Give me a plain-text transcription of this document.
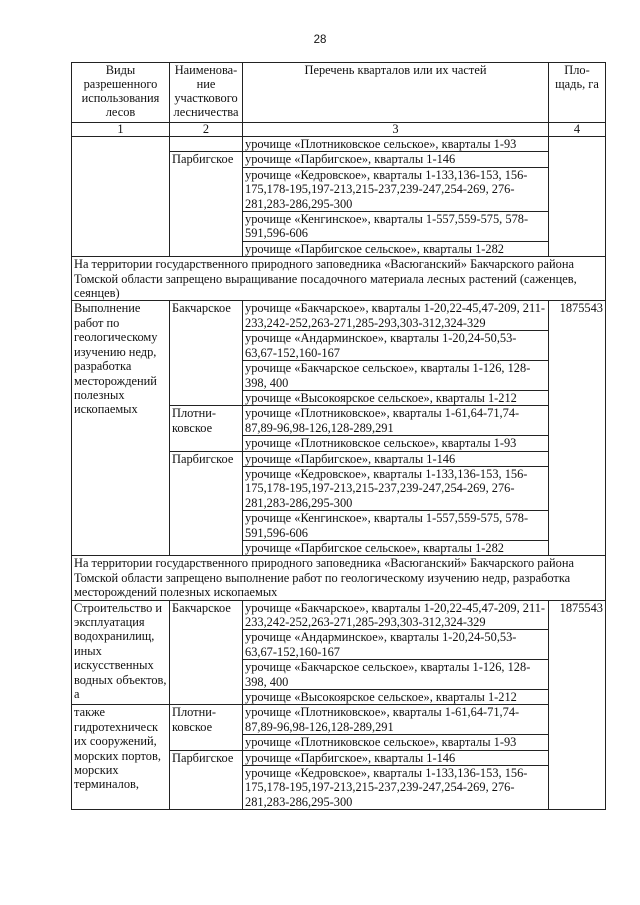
28
Виды разрешенного использования лесов	Наименова-ние участкового лесничества	Перечень кварталов или их частей	Пло-щадь, га
1	2	3	4
		урочище «Плотниковское сельское», кварталы 1-93	
	Парбигское	урочище «Парбигское», кварталы 1-146	
		урочище «Кедровское», кварталы 1-133,136-153, 156-175,178-195,197-213,215-237,239-247,254-269, 276-281,283-286,295-300	
		урочище «Кенгинское», кварталы 1-557,559-575, 578-591,596-606	
		урочище «Парбигское сельское», кварталы 1-282	
На территории государственного природного заповедника «Васюганский» Бакчарского района Томской области запрещено выращивание посадочного материала лесных растений (саженцев, сеянцев)			
Выполнение работ по геологическому изучению недр, разработка месторождений полезных ископаемых	Бакчарское	урочище «Бакчарское», кварталы 1-20,22-45,47-209, 211-233,242-252,263-271,285-293,303-312,324-329	1875543
		урочище «Андарминское», кварталы 1-20,24-50,53-63,67-152,160-167	
		урочище «Бакчарское сельское», кварталы 1-126, 128-398, 400	
		урочище «Высокоярское сельское», кварталы 1-212	
	Плотни-ковское	урочище «Плотниковское», кварталы 1-61,64-71,74-87,89-96,98-126,128-289,291	
		урочище «Плотниковское сельское», кварталы 1-93	
	Парбигское	урочище «Парбигское», кварталы 1-146	
		урочище «Кедровское», кварталы 1-133,136-153, 156-175,178-195,197-213,215-237,239-247,254-269, 276-281,283-286,295-300	
		урочище «Кенгинское», кварталы 1-557,559-575, 578-591,596-606	
		урочище «Парбигское сельское», кварталы 1-282	
На территории государственного природного заповедника «Васюганский» Бакчарского района Томской области запрещено выполнение работ по геологическому изучению недр, разработка месторождений полезных ископаемых			
Строительство и эксплуатация водохранилищ, иных искусственных водных объектов, а	Бакчарское	урочище «Бакчарское», кварталы 1-20,22-45,47-209, 211-233,242-252,263-271,285-293,303-312,324-329	1875543
		урочище «Андарминское», кварталы 1-20,24-50,53-63,67-152,160-167	
		урочище «Бакчарское сельское», кварталы 1-126, 128-398, 400	
		урочище «Высокоярское сельское», кварталы 1-212	
также гидротехническ их сооружений, морских портов, морских терминалов,	Плотни-ковское	урочище «Плотниковское», кварталы 1-61,64-71,74-87,89-96,98-126,128-289,291	
		урочище «Плотниковское сельское», кварталы 1-93	
	Парбигское	урочище «Парбигское», кварталы 1-146	
		урочище «Кедровское», кварталы 1-133,136-153, 156-175,178-195,197-213,215-237,239-247,254-269, 276-281,283-286,295-300	
